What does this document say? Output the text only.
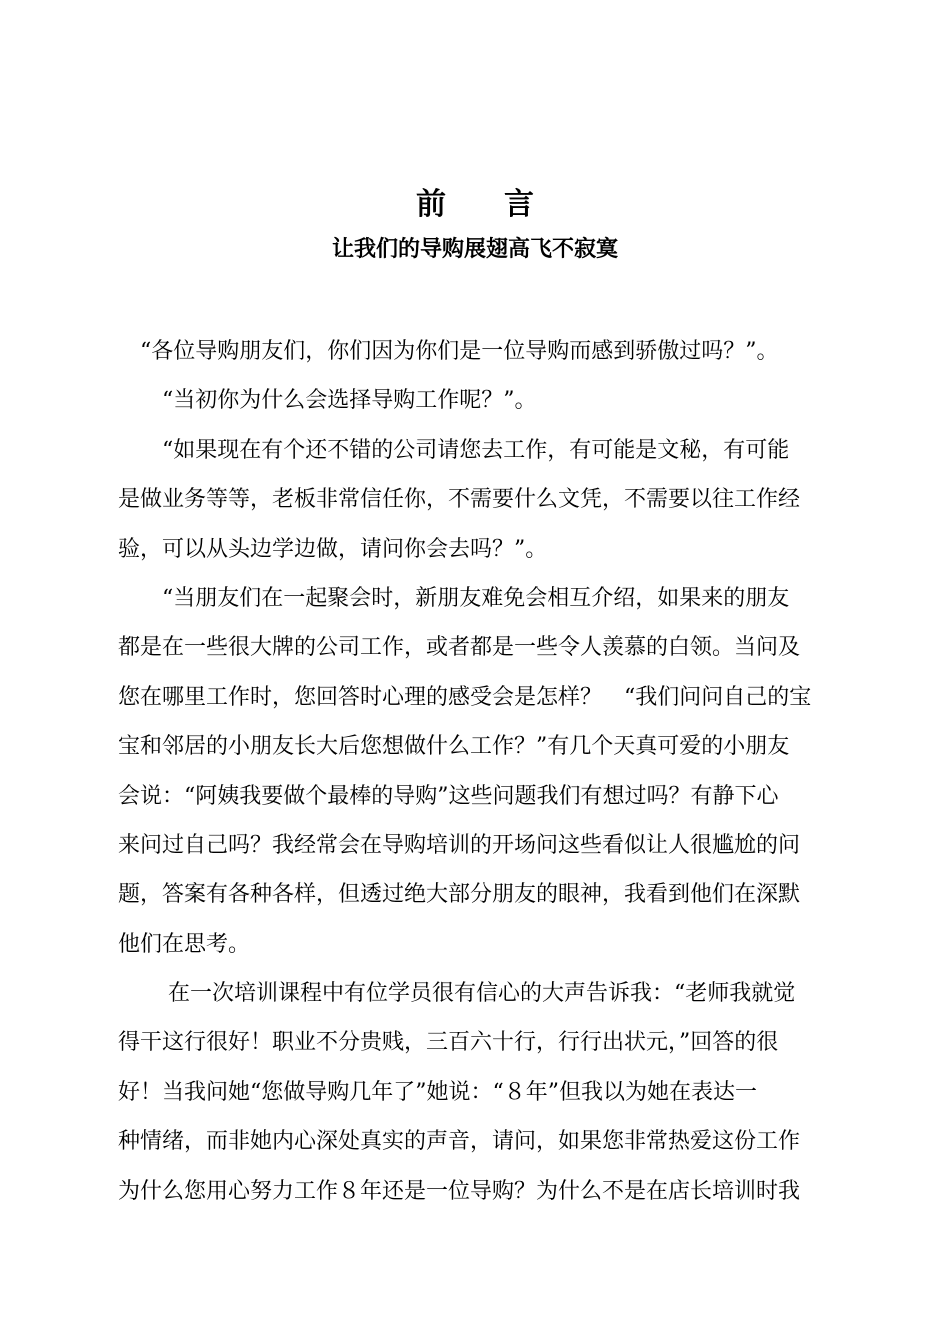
前言
让我们的导购展翅高飞不寂寞
“各位导购朋友们，你们因为你们是一位导购而感到骄傲过吗？”。
“当初你为什么会选择导购工作呢？”。
“如果现在有个还不错的公司请您去工作，有可能是文秘，有可能
是做业务等等，老板非常信任你，不需要什么文凭，不需要以往工作经
验，可以从头边学边做，请问你会去吗？”。
“当朋友们在一起聚会时，新朋友难免会相互介绍，如果来的朋友
都是在一些很大牌的公司工作，或者都是一些令人羡慕的白领。当问及
您在哪里工作时，您回答时心理的感受会是怎样？　“我们问问自己的宝
宝和邻居的小朋友长大后您想做什么工作？”有几个天真可爱的小朋友
会说：“阿姨我要做个最棒的导购”这些问题我们有想过吗？有静下心
来问过自己吗？我经常会在导购培训的开场问这些看似让人很尴尬的问
题，答案有各种各样，但透过绝大部分朋友的眼神，我看到他们在深默
他们在思考。
在一次培训课程中有位学员很有信心的大声告诉我：“老师我就觉
得干这行很好！职业不分贵贱，三百六十行，行行出状元，”回答的很
好！当我问她“您做导购几年了”她说：“８年”但我以为她在表达一
种情绪，而非她内心深处真实的声音，请问，如果您非常热爱这份工作
为什么您用心努力工作８年还是一位导购？为什么不是在店长培训时我
